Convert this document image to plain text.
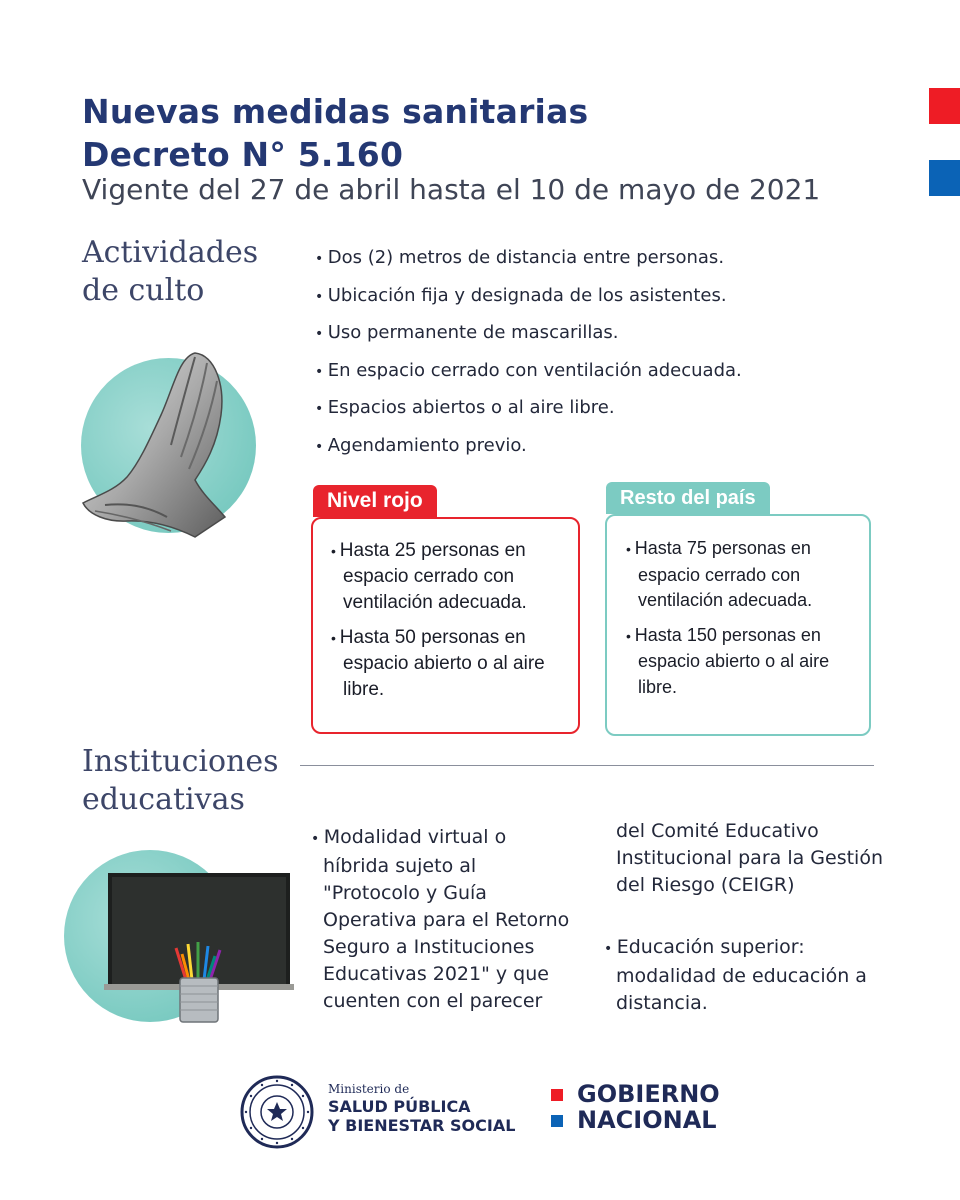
Nuevas medidas sanitarias
Decreto N° 5.160
Vigente del 27 de abril hasta el 10 de mayo de 2021
Actividades
de culto
• Dos (2) metros de distancia entre personas.
• Ubicación fija y designada de los asistentes.
• Uso permanente de mascarillas.
• En espacio cerrado con ventilación adecuada.
• Espacios abiertos o al aire libre.
• Agendamiento previo.
Nivel rojo
• Hasta 25 personas en espacio cerrado con ventilación adecuada.
• Hasta 50 personas en espacio abierto o al aire libre.
Resto del país
• Hasta 75 personas en espacio cerrado con ventilación adecuada.
• Hasta 150 personas en espacio abierto o al aire libre.
Instituciones
educativas
• Modalidad virtual o híbrida sujeto al "Protocolo y Guía Operativa para el Retorno Seguro a Instituciones Educativas 2021" y que cuenten con el parecer
del Comité Educativo Institucional para la Gestión del Riesgo (CEIGR)
• Educación superior: modalidad de educación a distancia.
Ministerio de
SALUD PÚBLICA
Y BIENESTAR SOCIAL
GOBIERNO
NACIONAL
